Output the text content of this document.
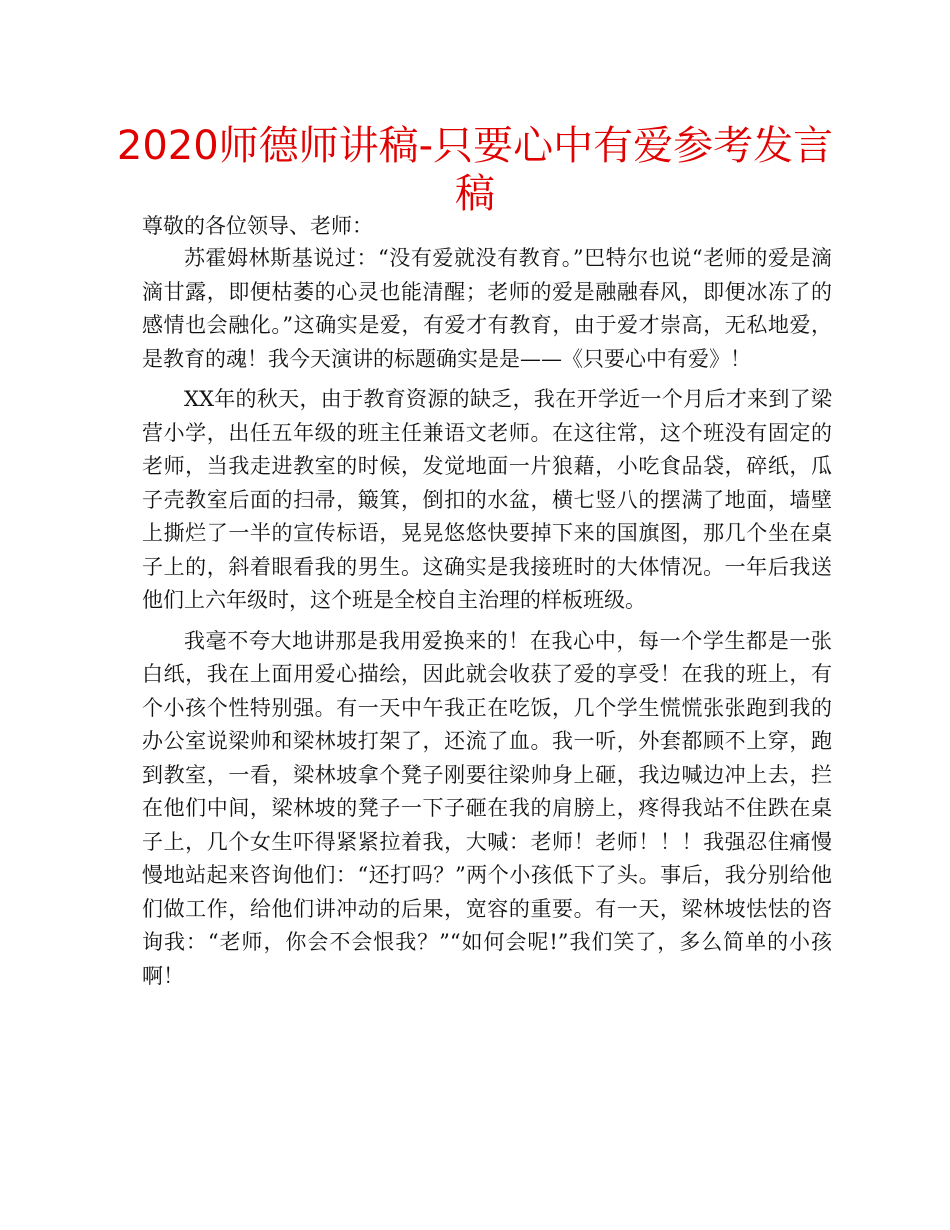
2020师德师讲稿-只要心中有爱参考发言稿

尊敬的各位领导、老师：

苏霍姆林斯基说过：“没有爱就没有教育。”巴特尔也说“老师的爱是滴滴甘露，即便枯萎的心灵也能清醒；老师的爱是融融春风，即便冰冻了的感情也会融化。”这确实是爱，有爱才有教育，由于爱才崇高，无私地爱，是教育的魂！我今天演讲的标题确实是是——《只要心中有爱》！

XX年的秋天，由于教育资源的缺乏，我在开学近一个月后才来到了梁营小学，出任五年级的班主任兼语文老师。在这往常，这个班没有固定的老师，当我走进教室的时候，发觉地面一片狼藉，小吃食品袋，碎纸，瓜子壳教室后面的扫帚，簸箕，倒扣的水盆，横七竖八的摆满了地面，墙壁上撕烂了一半的宣传标语，晃晃悠悠快要掉下来的国旗图，那几个坐在桌子上的，斜着眼看我的男生。这确实是我接班时的大体情况。一年后我送他们上六年级时，这个班是全校自主治理的样板班级。

我毫不夸大地讲那是我用爱换来的！在我心中，每一个学生都是一张白纸，我在上面用爱心描绘，因此就会收获了爱的享受！在我的班上，有个小孩个性特别强。有一天中午我正在吃饭，几个学生慌慌张张跑到我的办公室说梁帅和梁林坡打架了，还流了血。我一听，外套都顾不上穿，跑到教室，一看，梁林坡拿个凳子刚要往梁帅身上砸，我边喊边冲上去，拦在他们中间，梁林坡的凳子一下子砸在我的肩膀上，疼得我站不住跌在桌子上，几个女生吓得紧紧拉着我，大喊：老师！老师！！！我强忍住痛慢慢地站起来咨询他们：“还打吗？”两个小孩低下了头。事后，我分别给他们做工作，给他们讲冲动的后果，宽容的重要。有一天，梁林坡怯怯的咨询我：“老师，你会不会恨我？”“如何会呢!”我们笑了，多么简单的小孩啊！
